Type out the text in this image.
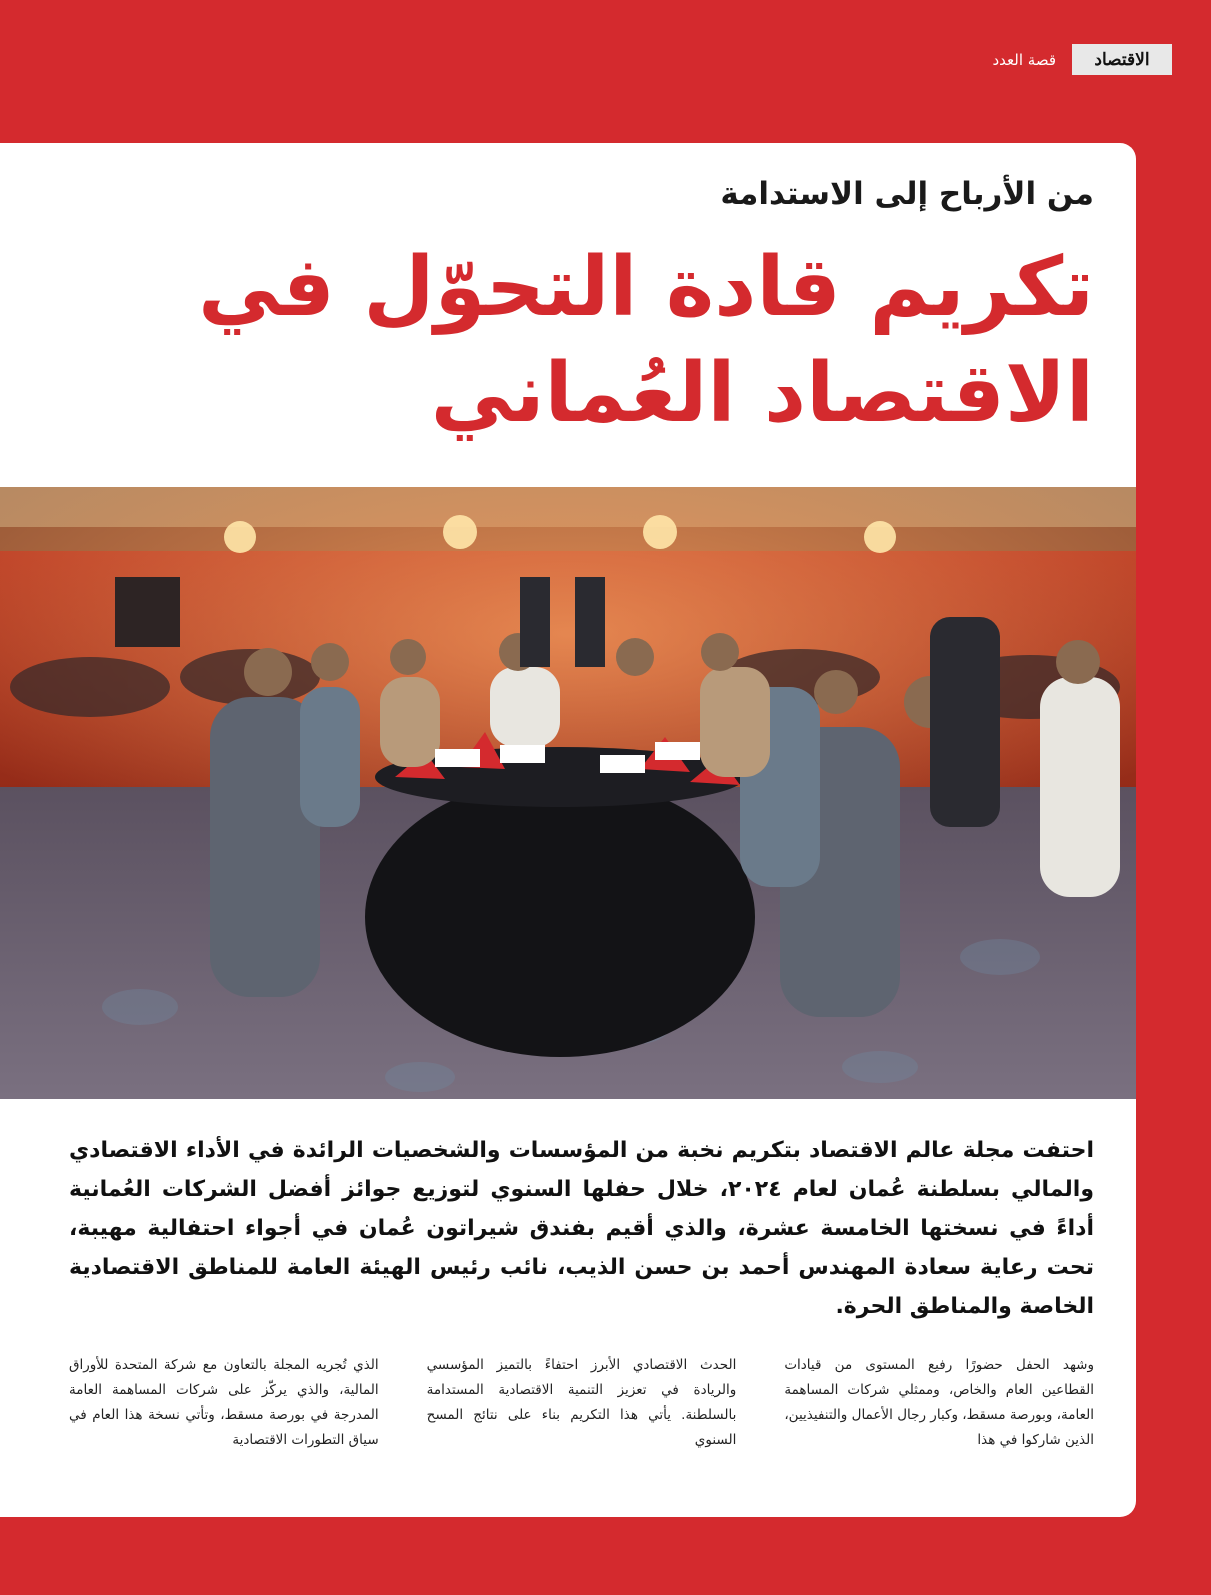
قصة العدد	الاقتصاد
من الأرباح إلى الاستدامة
تكريم قادة التحوّل في
الاقتصاد العُماني
احتفت مجلة عالم الاقتصاد بتكريم نخبة من المؤسسات والشخصيات الرائدة في الأداء الاقتصادي والمالي بسلطنة عُمان لعام ٢٠٢٤، خلال حفلها السنوي لتوزيع جوائز أفضل الشركات العُمانية أداءً في نسختها الخامسة عشرة، والذي أقيم بفندق شيراتون عُمان في أجواء احتفالية مهيبة، تحت رعاية سعادة المهندس أحمد بن حسن الذيب، نائب رئيس الهيئة العامة للمناطق الاقتصادية الخاصة والمناطق الحرة.
وشهد الحفل حضورًا رفيع المستوى من قيادات القطاعين العام والخاص، وممثلي شركات المساهمة العامة، وبورصة مسقط، وكبار رجال الأعمال والتنفيذيين، الذين شاركوا في هذا
الحدث الاقتصادي الأبرز احتفاءً بالتميز المؤسسي والريادة في تعزيز التنمية الاقتصادية المستدامة بالسلطنة. يأتي هذا التكريم بناء على نتائج المسح السنوي
الذي تُجريه المجلة بالتعاون مع شركة المتحدة للأوراق المالية، والذي يركّز على شركات المساهمة العامة المدرجة في بورصة مسقط، وتأتي نسخة هذا العام في سياق التطورات الاقتصادية
